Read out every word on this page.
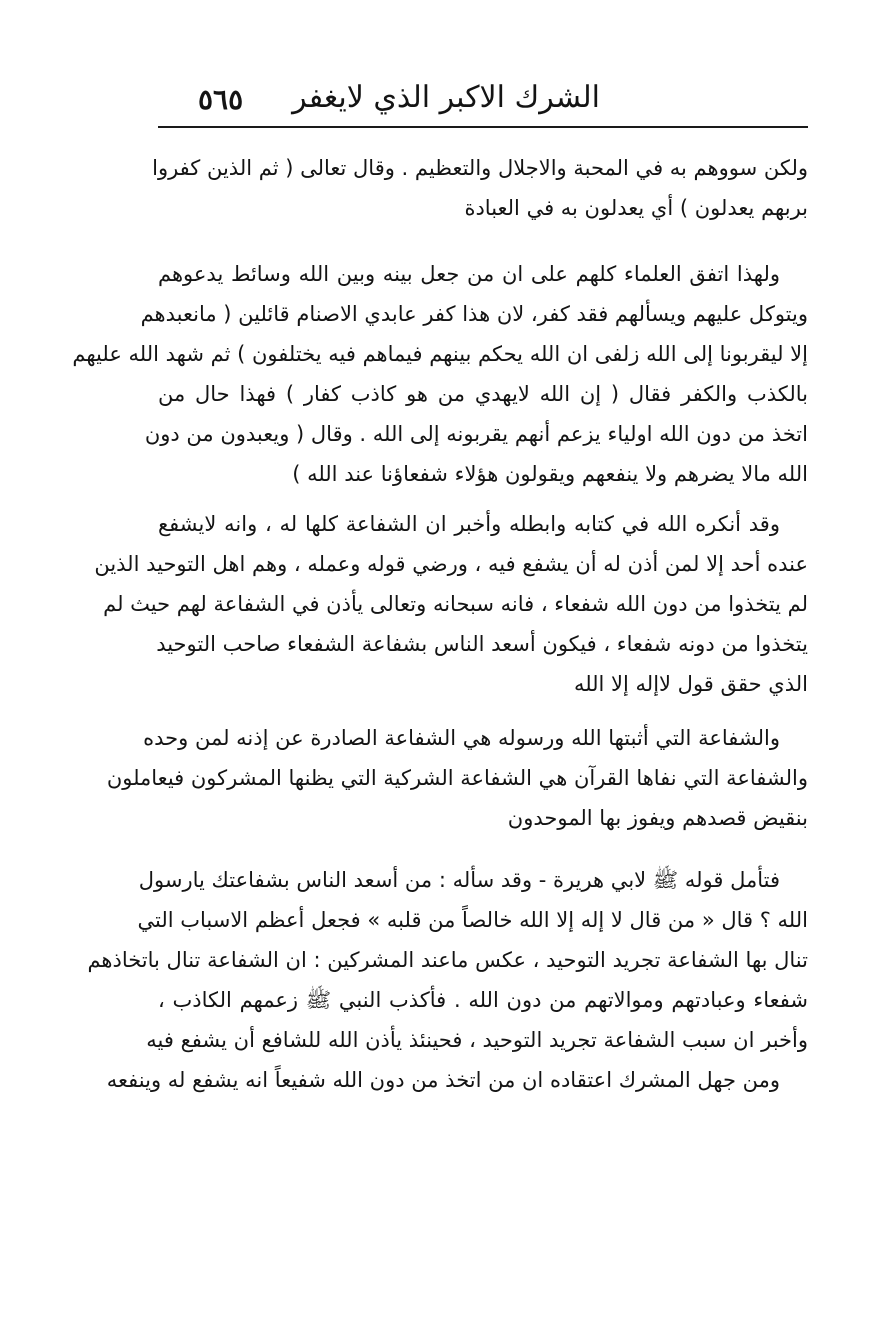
الشرك الاكبر الذي لايغفر
٥٦٥
ولكن سووهم به في المحبة والاجلال والتعظيم . وقال تعالى ( ثم الذين كفروا
بربهم يعدلون ) أي يعدلون به في العبادة
ولهذا اتفق العلماء كلهم على ان من جعل بينه وبين الله وسائط يدعوهم
ويتوكل عليهم ويسألهم فقد كفر، لان هذا كفر عابدي الاصنام قائلين ( مانعبدهم
إلا ليقربونا إلى الله زلفى ان الله يحكم بينهم فيماهم فيه يختلفون ) ثم شهد الله عليهم
بالكذب والكفر فقال ( إن الله لايهدي من هو كاذب كفار ) فهذا حال من
اتخذ من دون الله اولياء يزعم أنهم يقربونه إلى الله . وقال ( ويعبدون من دون
الله مالا يضرهم ولا ينفعهم ويقولون هؤلاء شفعاؤنا عند الله )
وقد أنكره الله في كتابه وابطله وأخبر ان الشفاعة كلها له ، وانه لايشفع
عنده أحد إلا لمن أذن له أن يشفع فيه ، ورضي قوله وعمله ، وهم اهل التوحيد الذين
لم يتخذوا من دون الله شفعاء ، فانه سبحانه وتعالى يأذن في الشفاعة لهم حيث لم
يتخذوا من دونه شفعاء ، فيكون أسعد الناس بشفاعة الشفعاء صاحب التوحيد
الذي حقق قول لاإله إلا الله
والشفاعة التي أثبتها الله ورسوله هي الشفاعة الصادرة عن إذنه لمن وحده
والشفاعة التي نفاها القرآن هي الشفاعة الشركية التي يظنها المشركون فيعاملون
بنقيض قصدهم ويفوز بها الموحدون
فتأمل قوله ﷺ لابي هريرة - وقد سأله : من أسعد الناس بشفاعتك يارسول
الله ؟ قال « من قال لا إله إلا الله خالصاً من قلبه » فجعل أعظم الاسباب التي
تنال بها الشفاعة تجريد التوحيد ، عكس ماعند المشركين : ان الشفاعة تنال باتخاذهم
شفعاء وعبادتهم وموالاتهم من دون الله . فأكذب النبي ﷺ زعمهم الكاذب ،
وأخبر ان سبب الشفاعة تجريد التوحيد ، فحينئذ يأذن الله للشافع أن يشفع فيه
ومن جهل المشرك اعتقاده ان من اتخذ من دون الله شفيعاً انه يشفع له وينفعه
